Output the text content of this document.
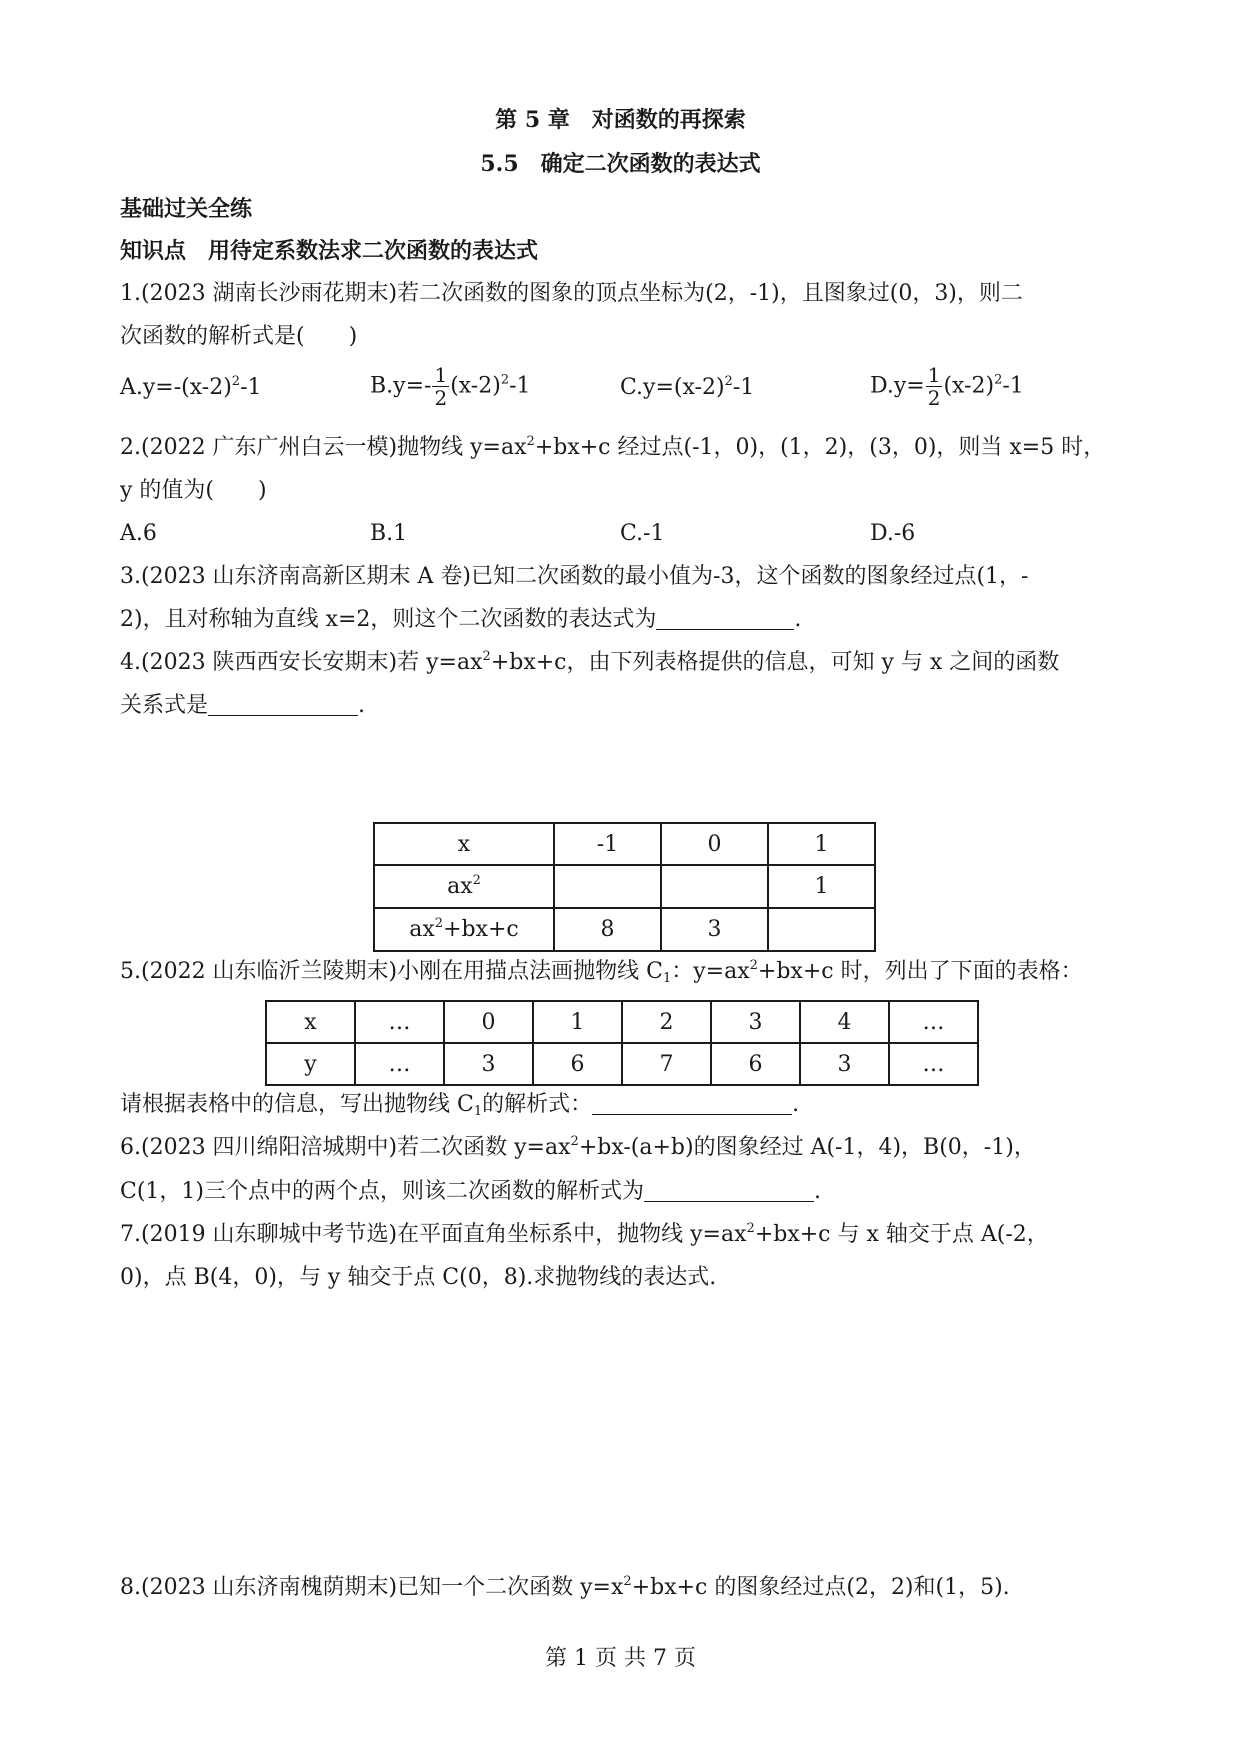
第 5 章　对函数的再探索
5.5　确定二次函数的表达式
基础过关全练
知识点　用待定系数法求二次函数的表达式
1.(2023 湖南长沙雨花期末)若二次函数的图象的顶点坐标为(2，-1)，且图象过(0，3)，则二
次函数的解析式是(　　)
$A.y=-(x-2)^2-1$	$B.y=- \frac{1}{2} (x-2)^2-1$	$C.y=(x-2)^2-1$	$D.y= \frac{1}{2} (x-2)^2-1$
2.(2022 广东广州白云一模)抛物线 $y=ax^2+bx+c$ 经过点(-1，0)，(1，2)，(3，0)，则当 x=5 时，
y 的值为(　　)
A.6	B.1	C.-1	D.-6
3.(2023 山东济南高新区期末 A 卷)已知二次函数的最小值为-3，这个函数的图象经过点(1，-
2)，且对称轴为直线 x=2，则这个二次函数的表达式为	.
4.(2023 陕西西安长安期末)若 $y=ax^2+bx+c$，由下列表格提供的信息，可知 y 与 x 之间的函数
关系式是	.
x	-1	0	1
$ax^2$			1
$ax^2+bx+c$	8	3	
5.(2022 山东临沂兰陵期末)小刚在用描点法画抛物线 $C_1$：$y=ax^2+bx+c$ 时，列出了下面的表格：
x	…	0	1	2	3	4	…
y	…	3	6	7	6	3	…
请根据表格中的信息，写出抛物线 $C_1$的解析式：	.
6.(2023 四川绵阳涪城期中)若二次函数 $y=ax^2+bx-(a+b)$的图象经过 A(-1，4)，B(0，-1)，
C(1，1)三个点中的两个点，则该二次函数的解析式为	.
7.(2019 山东聊城中考节选)在平面直角坐标系中，抛物线 $y=ax^2+bx+c$ 与 x 轴交于点 A(-2，
0)，点 B(4，0)，与 y 轴交于点 C(0，8).求抛物线的表达式.
8.(2023 山东济南槐荫期末)已知一个二次函数 $y=x^2+bx+c$ 的图象经过点(2，2)和(1，5).
第 1 页 共 7 页
